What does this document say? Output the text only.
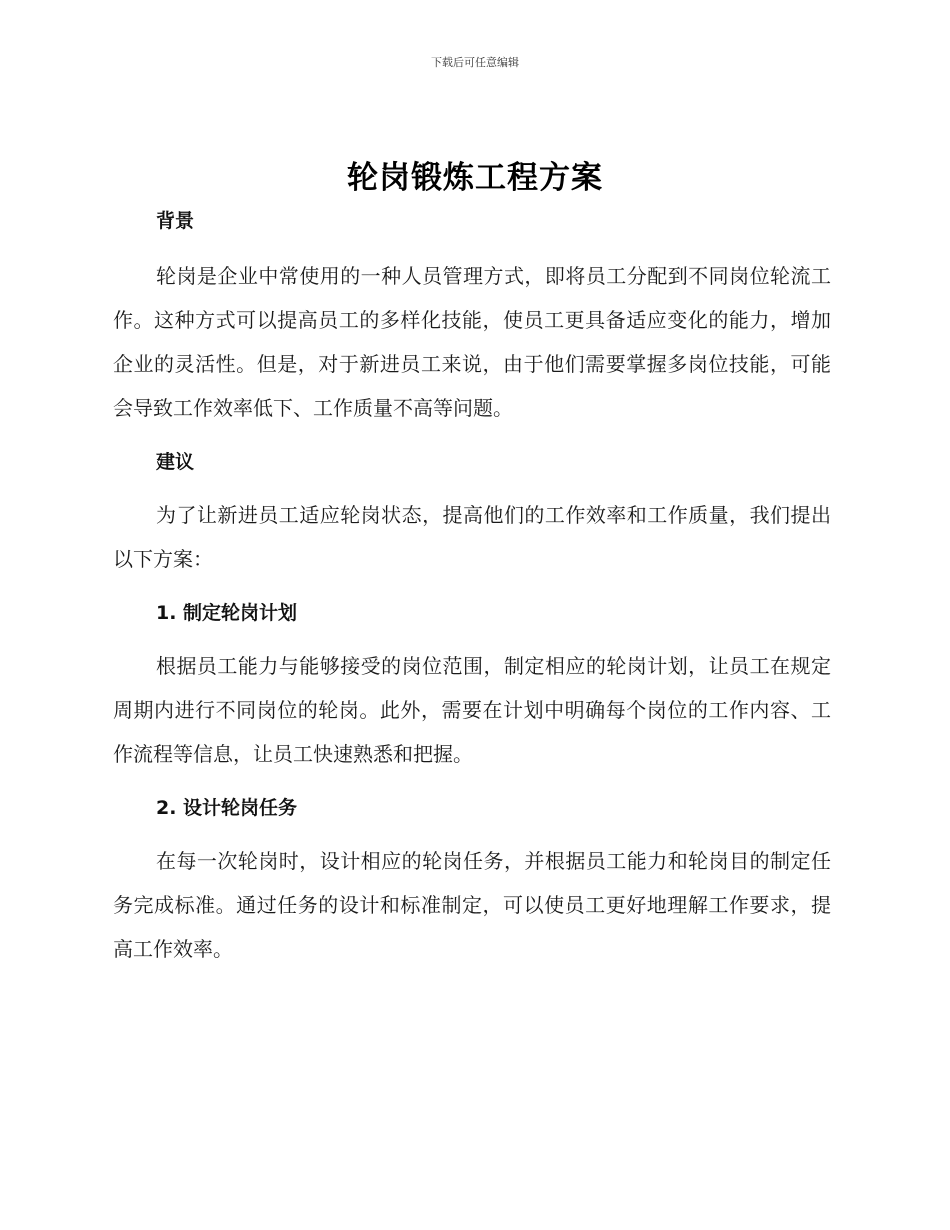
下载后可任意编辑
轮岗锻炼工程方案
背景

轮岗是企业中常使用的一种人员管理方式，即将员工分配到不同岗位轮流工作。这种方式可以提高员工的多样化技能，使员工更具备适应变化的能力，增加企业的灵活性。但是，对于新进员工来说，由于他们需要掌握多岗位技能，可能会导致工作效率低下、工作质量不高等问题。

建议

为了让新进员工适应轮岗状态，提高他们的工作效率和工作质量，我们提出以下方案：

1. 制定轮岗计划

根据员工能力与能够接受的岗位范围，制定相应的轮岗计划，让员工在规定周期内进行不同岗位的轮岗。此外，需要在计划中明确每个岗位的工作内容、工作流程等信息，让员工快速熟悉和把握。

2. 设计轮岗任务

在每一次轮岗时，设计相应的轮岗任务，并根据员工能力和轮岗目的制定任务完成标准。通过任务的设计和标准制定，可以使员工更好地理解工作要求，提高工作效率。
